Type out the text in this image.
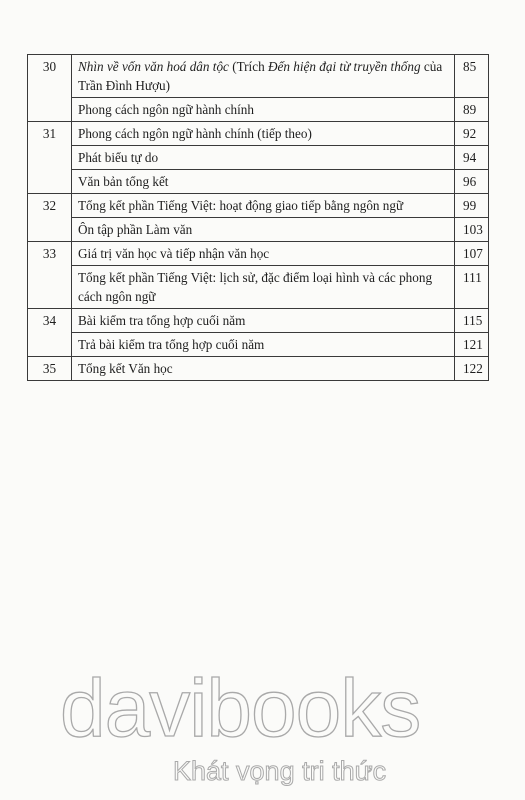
30	Nhìn về vốn văn hoá dân tộc (Trích Đến hiện đại từ truyền thống của Trần Đình Hượu)	85
	Phong cách ngôn ngữ hành chính	89
31	Phong cách ngôn ngữ hành chính (tiếp theo)	92
	Phát biểu tự do	94
	Văn bản tổng kết	96
32	Tổng kết phần Tiếng Việt: hoạt động giao tiếp bằng ngôn ngữ	99
	Ôn tập phần Làm văn	103
33	Giá trị văn học và tiếp nhận văn học	107
	Tổng kết phần Tiếng Việt: lịch sử, đặc điểm loại hình và các phong cách ngôn ngữ	111
34	Bài kiểm tra tổng hợp cuối năm	115
	Trả bài kiểm tra tổng hợp cuối năm	121
35	Tổng kết Văn học	122
davibooks
Khát vọng tri thức
